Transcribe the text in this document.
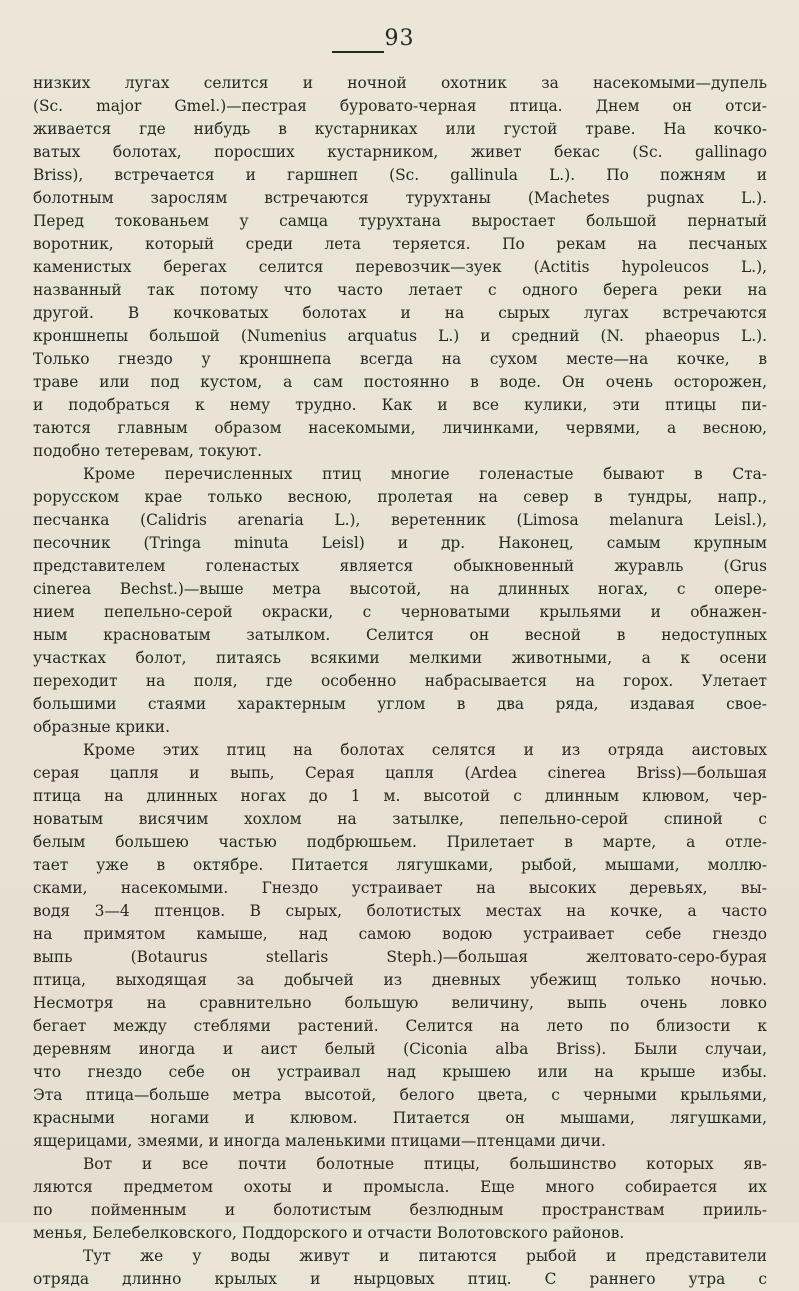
93
низких лугах селится и ночной охотник за насекомыми—дупель
(Sc. major Gmel.)—пестрая буровато-черная птица. Днем он отси-
живается где нибудь в кустарниках или густой траве. На кочко-
ватых болотах, поросших кустарником, живет бекас (Sc. gallinago
Briss), встречается и гаршнеп (Sc. gallinula L.). По пожням и
болотным зарослям встречаются турухтаны (Machetes pugnax L.).
Перед токованьем у самца турухтана выростает большой пернатый
воротник, который среди лета теряется. По рекам на песчаных
каменистых берегах селится перевозчик—зуек (Actitis hypoleucos L.),
названный так потому что часто летает с одного берега реки на
другой. В кочковатых болотах и на сырых лугах встречаются
кроншнепы большой (Numenius arquatus L.) и средний (N. phaeopus L.).
Только гнездо у кроншнепа всегда на сухом месте—на кочке, в
траве или под кустом, а сам постоянно в воде. Он очень осторожен,
и подобраться к нему трудно. Как и все кулики, эти птицы пи-
таются главным образом насекомыми, личинками, червями, а весною,
подобно тетеревам, токуют.
Кроме перечисленных птиц многие голенастые бывают в Ста-
рорусском крае только весною, пролетая на север в тундры, напр.,
песчанка (Calidris arenaria L.), веретенник (Limosa melanura Leisl.),
песочник (Tringa minuta Leisl) и др. Наконец, самым крупным
представителем голенастых является обыкновенный журавль (Grus
cinerea Bechst.)—выше метра высотой, на длинных ногах, с опере-
нием пепельно-серой окраски, с черноватыми крыльями и обнажен-
ным красноватым затылком. Селится он весной в недоступных
участках болот, питаясь всякими мелкими животными, а к осени
переходит на поля, где особенно набрасывается на горох. Улетает
большими стаями характерным углом в два ряда, издавая свое-
образные крики.
Кроме этих птиц на болотах селятся и из отряда аистовых
серая цапля и выпь, Серая цапля (Ardea cinerea Briss)—большая
птица на длинных ногах до 1 м. высотой с длинным клювом, чер-
новатым висячим хохлом на затылке, пепельно-серой спиной с
белым большею частью подбрюшьем. Прилетает в марте, а отле-
тает уже в октябре. Питается лягушками, рыбой, мышами, моллю-
сками, насекомыми. Гнездо устраивает на высоких деревьях, вы-
водя 3—4 птенцов. В сырых, болотистых местах на кочке, а часто
на примятом камыше, над самою водою устраивает себе гнездо
выпь (Botaurus stellaris Steph.)—большая желтовато-серо-бурая
птица, выходящая за добычей из дневных убежищ только ночью.
Несмотря на сравнительно большую величину, выпь очень ловко
бегает между стеблями растений. Селится на лето по близости к
деревням иногда и аист белый (Ciconia alba Briss). Были случаи,
что гнездо себе он устраивал над крышею или на крыше избы.
Эта птица—больше метра высотой, белого цвета, с черными крыльями,
красными ногами и клювом. Питается он мышами, лягушками,
ящерицами, змеями, и иногда маленькими птицами—птенцами дичи.
Вот и все почти болотные птицы, большинство которых яв-
ляются предметом охоты и промысла. Еще много собирается их
по пойменным и болотистым безлюдным пространствам прииль-
менья, Белебелковского, Поддорского и отчасти Волотовского районов.
Тут же у воды живут и питаются рыбой и представители
отряда длинно крылых и нырцовых птиц. С раннего утра с
